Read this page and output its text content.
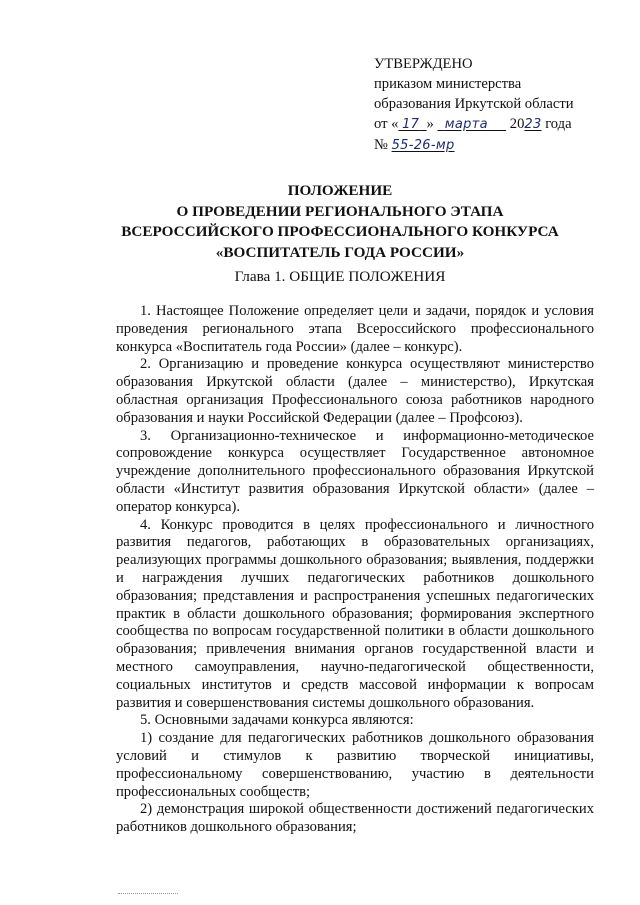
УТВЕРЖДЕНО
приказом министерства
образования Иркутской области
от « 17 » марта 2023 года
№ 55-26-мр
ПОЛОЖЕНИЕ
О ПРОВЕДЕНИИ РЕГИОНАЛЬНОГО ЭТАПА
ВСЕРОССИЙСКОГО ПРОФЕССИОНАЛЬНОГО КОНКУРСА
«ВОСПИТАТЕЛЬ ГОДА РОССИИ»
Глава 1. ОБЩИЕ ПОЛОЖЕНИЯ

1. Настоящее Положение определяет цели и задачи, порядок и условия проведения регионального этапа Всероссийского профессионального конкурса «Воспитатель года России» (далее – конкурс).

2. Организацию и проведение конкурса осуществляют министерство образования Иркутской области (далее – министерство), Иркутская областная организация Профессионального союза работников народного образования и науки Российской Федерации (далее – Профсоюз).

3. Организационно-техническое и информационно-методическое сопровождение конкурса осуществляет Государственное автономное учреждение дополнительного профессионального образования Иркутской области «Институт развития образования Иркутской области» (далее – оператор конкурса).

4. Конкурс проводится в целях профессионального и личностного развития педагогов, работающих в образовательных организациях, реализующих программы дошкольного образования; выявления, поддержки и награждения лучших педагогических работников дошкольного образования; представления и распространения успешных педагогических практик в области дошкольного образования; формирования экспертного сообщества по вопросам государственной политики в области дошкольного образования; привлечения внимания органов государственной власти и местного самоуправления, научно-педагогической общественности, социальных институтов и средств массовой информации к вопросам развития и совершенствования системы дошкольного образования.

5. Основными задачами конкурса являются:

1) создание для педагогических работников дошкольного образования условий и стимулов к развитию творческой инициативы, профессиональному совершенствованию, участию в деятельности профессиональных сообществ;

2) демонстрация широкой общественности достижений педагогических работников дошкольного образования;
